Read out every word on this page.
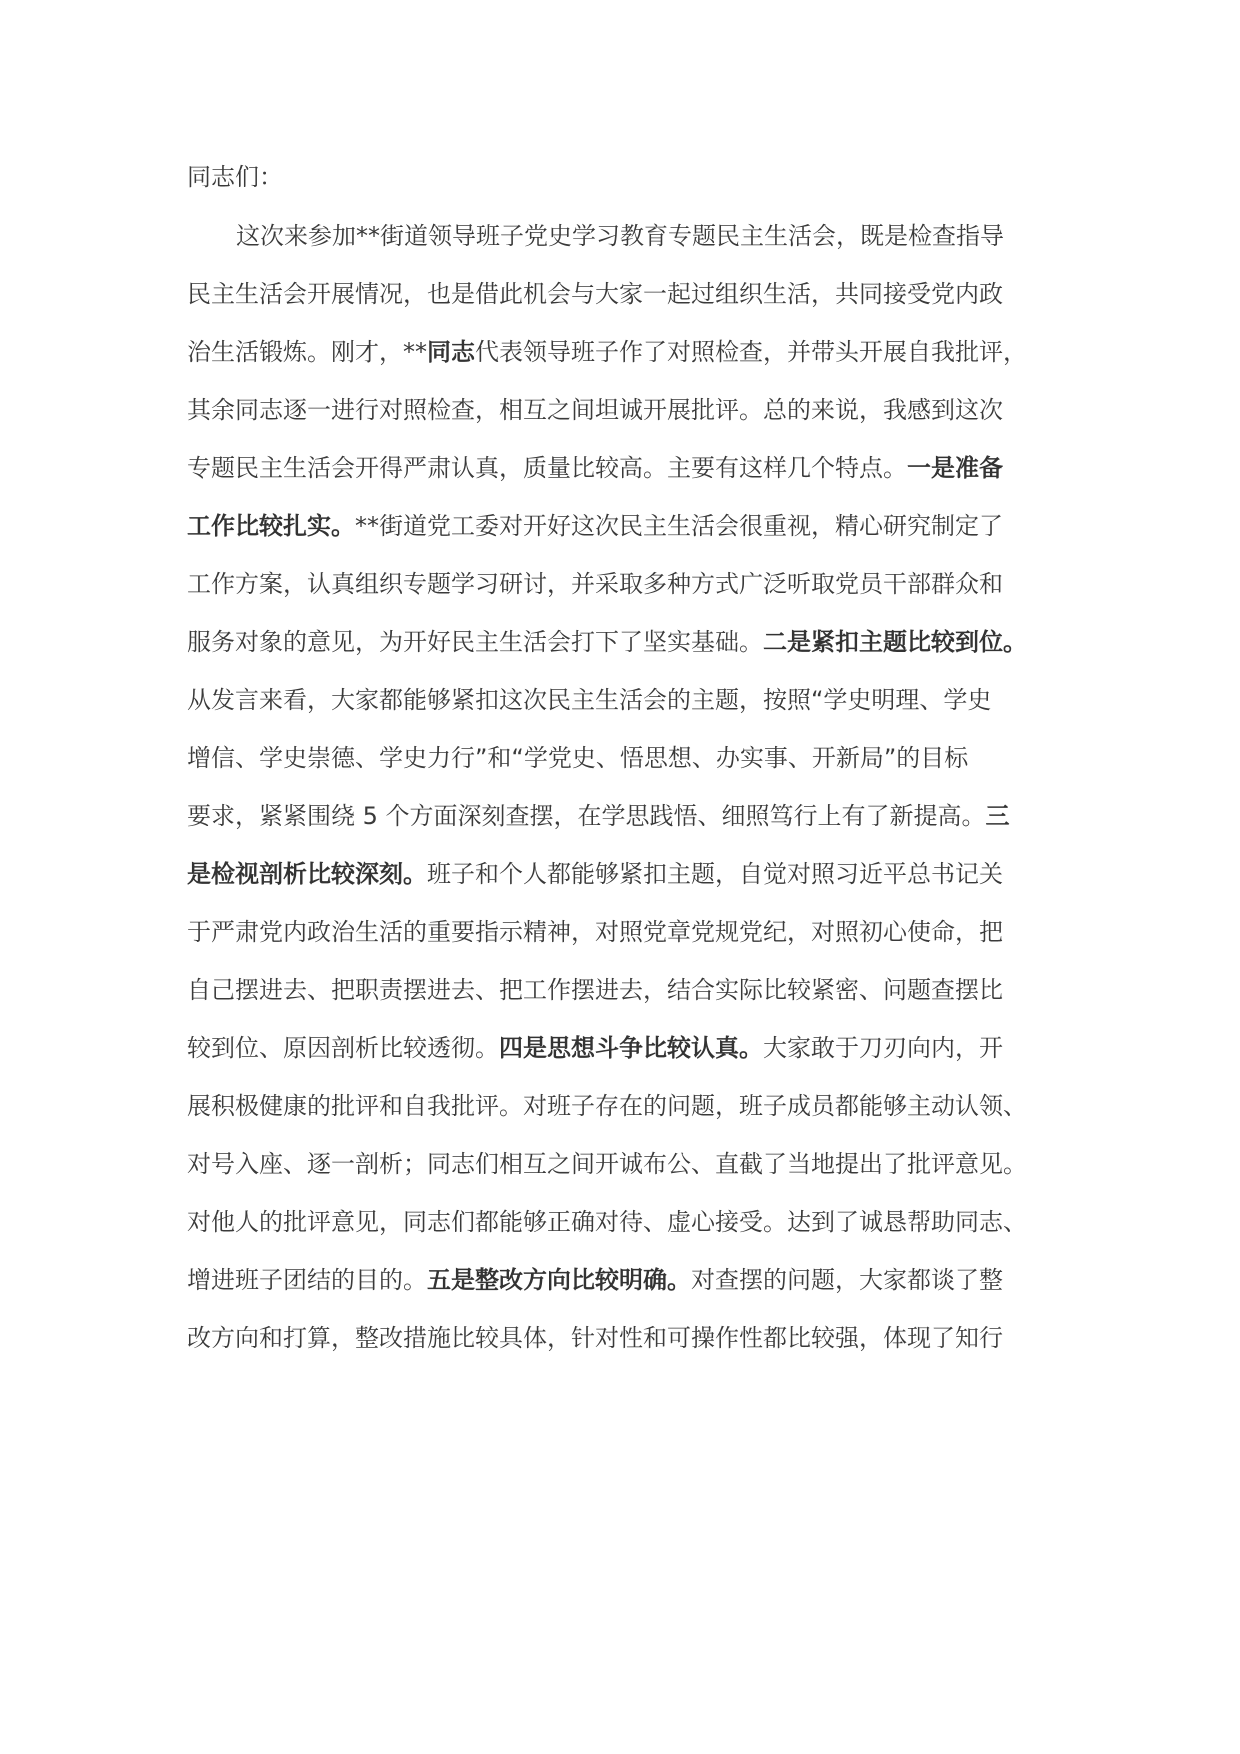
同志们：
这次来参加**街道领导班子党史学习教育专题民主生活会，既是检查指导
民主生活会开展情况，也是借此机会与大家一起过组织生活，共同接受党内政
治生活锻炼。刚才，**同志代表领导班子作了对照检查，并带头开展自我批评，
其余同志逐一进行对照检查，相互之间坦诚开展批评。总的来说，我感到这次
专题民主生活会开得严肃认真，质量比较高。主要有这样几个特点。一是准备
工作比较扎实。**街道党工委对开好这次民主生活会很重视，精心研究制定了
工作方案，认真组织专题学习研讨，并采取多种方式广泛听取党员干部群众和
服务对象的意见，为开好民主生活会打下了坚实基础。二是紧扣主题比较到位。
从发言来看，大家都能够紧扣这次民主生活会的主题，按照“学史明理、学史
增信、学史崇德、学史力行”和“学党史、悟思想、办实事、开新局”的目标
要求，紧紧围绕 5 个方面深刻查摆，在学思践悟、细照笃行上有了新提高。三
是检视剖析比较深刻。班子和个人都能够紧扣主题，自觉对照习近平总书记关
于严肃党内政治生活的重要指示精神，对照党章党规党纪，对照初心使命，把
自己摆进去、把职责摆进去、把工作摆进去，结合实际比较紧密、问题查摆比
较到位、原因剖析比较透彻。四是思想斗争比较认真。大家敢于刀刃向内，开
展积极健康的批评和自我批评。对班子存在的问题，班子成员都能够主动认领、
对号入座、逐一剖析；同志们相互之间开诚布公、直截了当地提出了批评意见。
对他人的批评意见，同志们都能够正确对待、虚心接受。达到了诚恳帮助同志、
增进班子团结的目的。五是整改方向比较明确。对查摆的问题，大家都谈了整
改方向和打算，整改措施比较具体，针对性和可操作性都比较强，体现了知行
